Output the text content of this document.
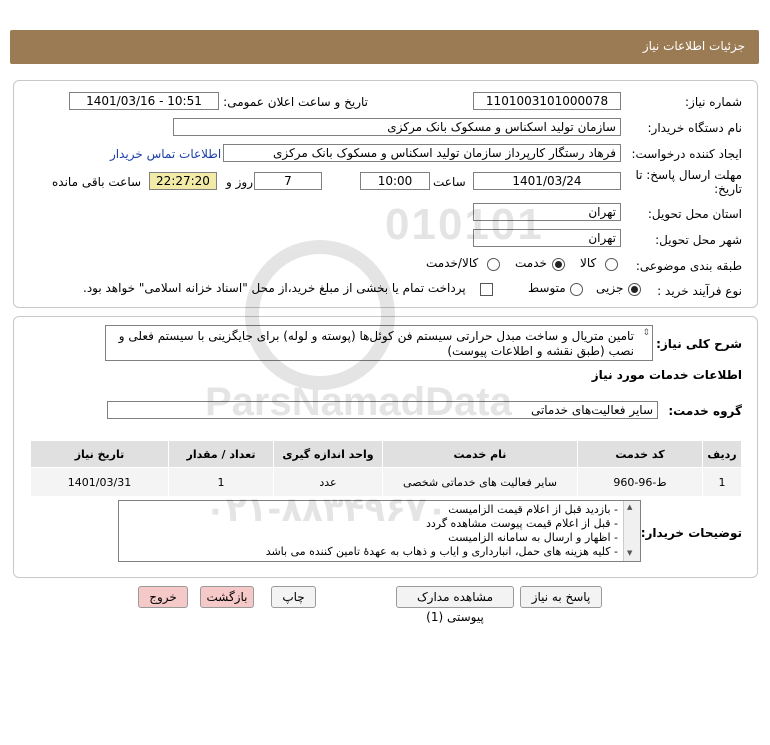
جزئیات اطلاعات نیاز
شماره نیاز:
1101003101000078
تاریخ و ساعت اعلان عمومی:
1401/03/16 - 10:51
نام دستگاه خریدار:
سازمان تولید اسکناس و مسکوک بانک مرکزی
ایجاد کننده درخواست:
فرهاد رستگار کارپرداز سازمان تولید اسکناس و مسکوک بانک مرکزی
اطلاعات تماس خریدار
مهلت ارسال پاسخ: تا
تاریخ:
1401/03/24
ساعت
10:00
7
روز و
22:27:20
ساعت باقی مانده
استان محل تحویل:
تهران
شهر محل تحویل:
تهران
طبقه بندی موضوعی:
کالا
خدمت
کالا/خدمت
نوع فرآیند خرید :
جزیی
متوسط
پرداخت تمام یا بخشی از مبلغ خرید،از محل "اسناد خزانه اسلامی" خواهد بود.
شرح کلی نیاز:
تامین متریال و ساخت مبدل حرارتی سیستم فن کوئل‌ها (پوسته و لوله) برای جایگزینی با سیستم فعلی و
نصب (طبق نقشه و اطلاعات پیوست)
⇕
اطلاعات خدمات مورد نیاز
گروه خدمت:
سایر فعالیت‌های خدماتی
ردیف	کد خدمت	نام خدمت	واحد اندازه گیری	تعداد / مقدار	تاریخ نیاز
1	ط-96-960	سایر فعالیت های خدماتی شخصی	عدد	1	1401/03/31
توضیحات خریدار:
- بازدید قبل از اعلام قیمت الزامیست
- قبل از اعلام قیمت پیوست مشاهده گردد
- اظهار و ارسال به سامانه الزامیست
- کلیه هزینه های حمل، انبارداری و ایاب و ذهاب به عهدهٔ تامین کننده می باشد
▲
▼
پاسخ به نیاز
مشاهده مدارک پیوستی (1)
چاپ
بازگشت
خروج
010101
ParsNamadData
۰۲۱-۸۸۳۴۹۶۷۰
